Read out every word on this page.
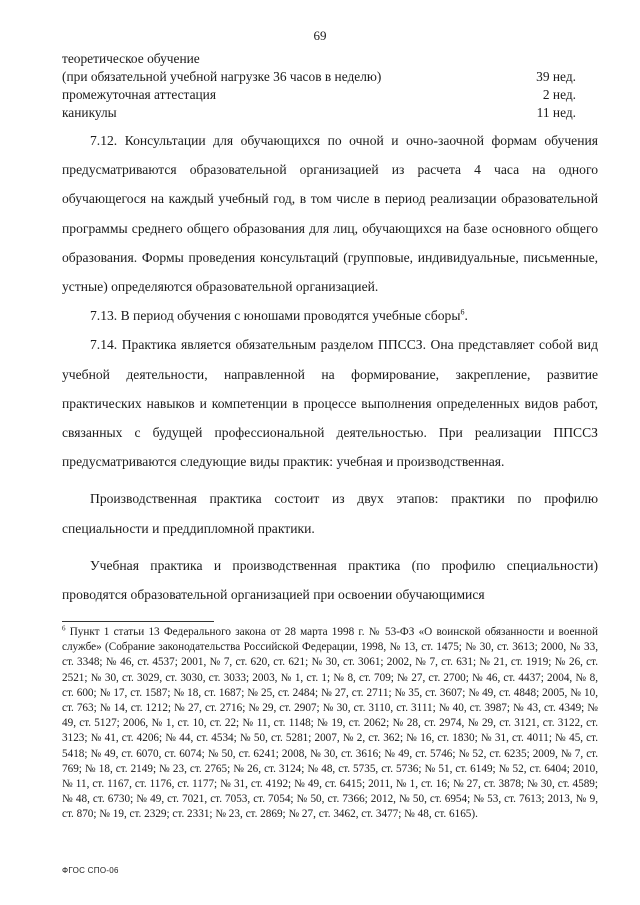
69
теоретическое обучение
(при обязательной учебной нагрузке 36 часов в неделю)	39 нед.
промежуточная аттестация	2 нед.
каникулы	11 нед.

7.12. Консультации для обучающихся по очной и очно-заочной формам обучения предусматриваются образовательной организацией из расчета 4 часа на одного обучающегося на каждый учебный год, в том числе в период реализации образовательной программы среднего общего образования для лиц, обучающихся на базе основного общего образования. Формы проведения консультаций (групповые, индивидуальные, письменные, устные) определяются образовательной организацией.

7.13. В период обучения с юношами проводятся учебные сборы$^6$.

7.14. Практика является обязательным разделом ППССЗ. Она представляет собой вид учебной деятельности, направленной на формирование, закрепление, развитие практических навыков и компетенции в процессе выполнения определенных видов работ, связанных с будущей профессиональной деятельностью. При реализации ППССЗ предусматриваются следующие виды практик: учебная и производственная.

Производственная практика состоит из двух этапов: практики по профилю специальности и преддипломной практики.

Учебная практика и производственная практика (по профилю специальности) проводятся образовательной организацией при освоении обучающимися

$^6$ Пункт 1 статьи 13 Федерального закона от 28 марта 1998 г. № 53-ФЗ «О воинской обязанности и военной службе» (Собрание законодательства Российской Федерации, 1998, № 13, ст. 1475; № 30, ст. 3613; 2000, № 33, ст. 3348; № 46, ст. 4537; 2001, № 7, ст. 620, ст. 621; № 30, ст. 3061; 2002, № 7, ст. 631; № 21, ст. 1919; № 26, ст. 2521; № 30, ст. 3029, ст. 3030, ст. 3033; 2003, № 1, ст. 1; № 8, ст. 709; № 27, ст. 2700; № 46, ст. 4437; 2004, № 8, ст. 600; № 17, ст. 1587; № 18, ст. 1687; № 25, ст. 2484; № 27, ст. 2711; № 35, ст. 3607; № 49, ст. 4848; 2005, № 10, ст. 763; № 14, ст. 1212; № 27, ст. 2716; № 29, ст. 2907; № 30, ст. 3110, ст. 3111; № 40, ст. 3987; № 43, ст. 4349; № 49, ст. 5127; 2006, № 1, ст. 10, ст. 22; № 11, ст. 1148; № 19, ст. 2062; № 28, ст. 2974, № 29, ст. 3121, ст. 3122, ст. 3123; № 41, ст. 4206; № 44, ст. 4534; № 50, ст. 5281; 2007, № 2, ст. 362; № 16, ст. 1830; № 31, ст. 4011; № 45, ст. 5418; № 49, ст. 6070, ст. 6074; № 50, ст. 6241; 2008, № 30, ст. 3616; № 49, ст. 5746; № 52, ст. 6235; 2009, № 7, ст. 769; № 18, ст. 2149; № 23, ст. 2765; № 26, ст. 3124; № 48, ст. 5735, ст. 5736; № 51, ст. 6149; № 52, ст. 6404; 2010, № 11, ст. 1167, ст. 1176, ст. 1177; № 31, ст. 4192; № 49, ст. 6415; 2011, № 1, ст. 16; № 27, ст. 3878; № 30, ст. 4589; № 48, ст. 6730; № 49, ст. 7021, ст. 7053, ст. 7054; № 50, ст. 7366; 2012, № 50, ст. 6954; № 53, ст. 7613; 2013, № 9, ст. 870; № 19, ст. 2329; ст. 2331; № 23, ст. 2869; № 27, ст. 3462, ст. 3477; № 48, ст. 6165).
ФГОС СПО-06
